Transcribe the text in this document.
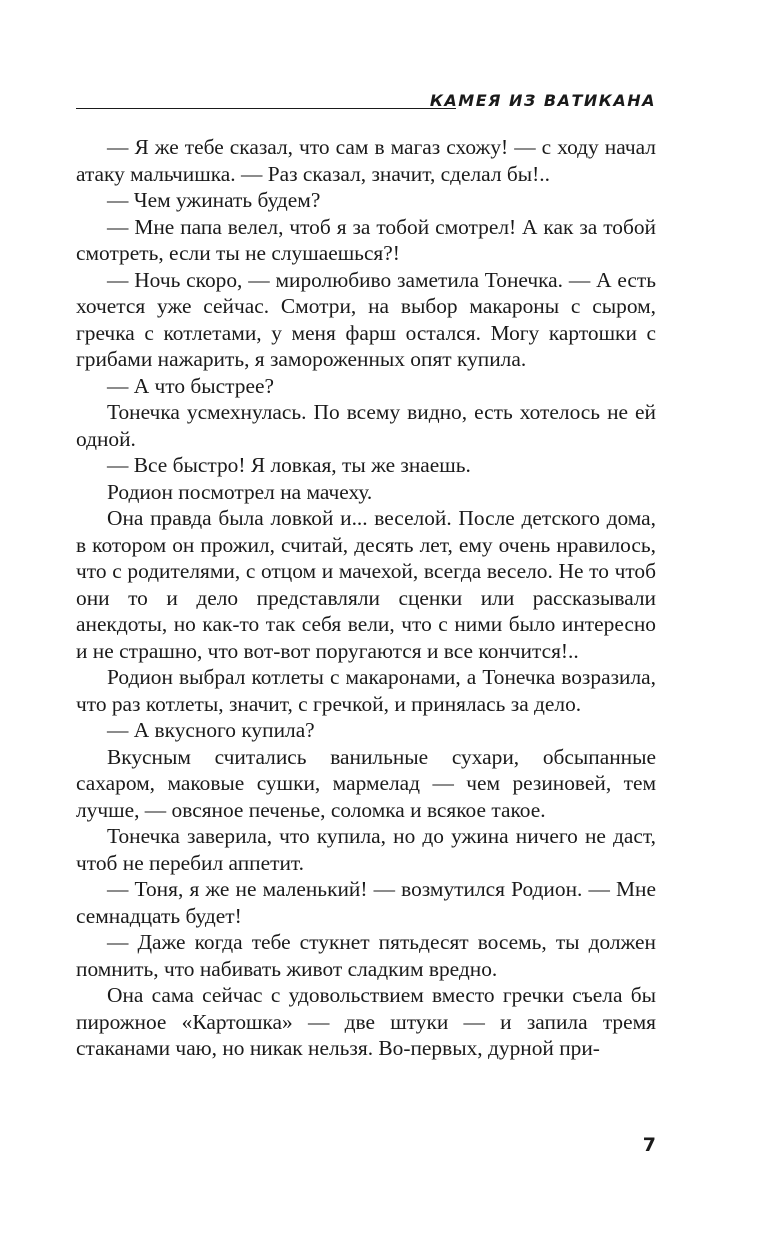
КАМЕЯ ИЗ ВАТИКАНА

— Я же тебе сказал, что сам в магаз схожу! — с ходу начал атаку мальчишка. — Раз сказал, значит, сделал бы!..

— Чем ужинать будем?

— Мне папа велел, чтоб я за тобой смотрел! А как за тобой смотреть, если ты не слушаешься?!

— Ночь скоро, — миролюбиво заметила Тонечка. — А есть хочется уже сейчас. Смотри, на выбор макароны с сыром, гречка с котлетами, у меня фарш остался. Могу картошки с грибами нажарить, я замороженных опят купила.

— А что быстрее?

Тонечка усмехнулась. По всему видно, есть хотелось не ей одной.

— Все быстро! Я ловкая, ты же знаешь.

Родион посмотрел на мачеху.

Она правда была ловкой и... веселой. После детского дома, в котором он прожил, считай, десять лет, ему очень нравилось, что с родителями, с отцом и мачехой, всегда весело. Не то чтоб они то и дело представляли сценки или рассказывали анекдоты, но как-то так себя вели, что с ними было интересно и не страшно, что вот-вот поругаются и все кончится!..

Родион выбрал котлеты с макаронами, а Тонечка возразила, что раз котлеты, значит, с гречкой, и принялась за дело.

— А вкусного купила?

Вкусным считались ванильные сухари, обсыпанные сахаром, маковые сушки, мармелад — чем резиновей, тем лучше, — овсяное печенье, соломка и всякое такое.

Тонечка заверила, что купила, но до ужина ничего не даст, чтоб не перебил аппетит.

— Тоня, я же не маленький! — возмутился Родион. — Мне семнадцать будет!

— Даже когда тебе стукнет пятьдесят восемь, ты должен помнить, что набивать живот сладким вредно.

Она сама сейчас с удовольствием вместо гречки съела бы пирожное «Картошка» — две штуки — и запила тремя стаканами чаю, но никак нельзя. Во-первых, дурной при-

7
